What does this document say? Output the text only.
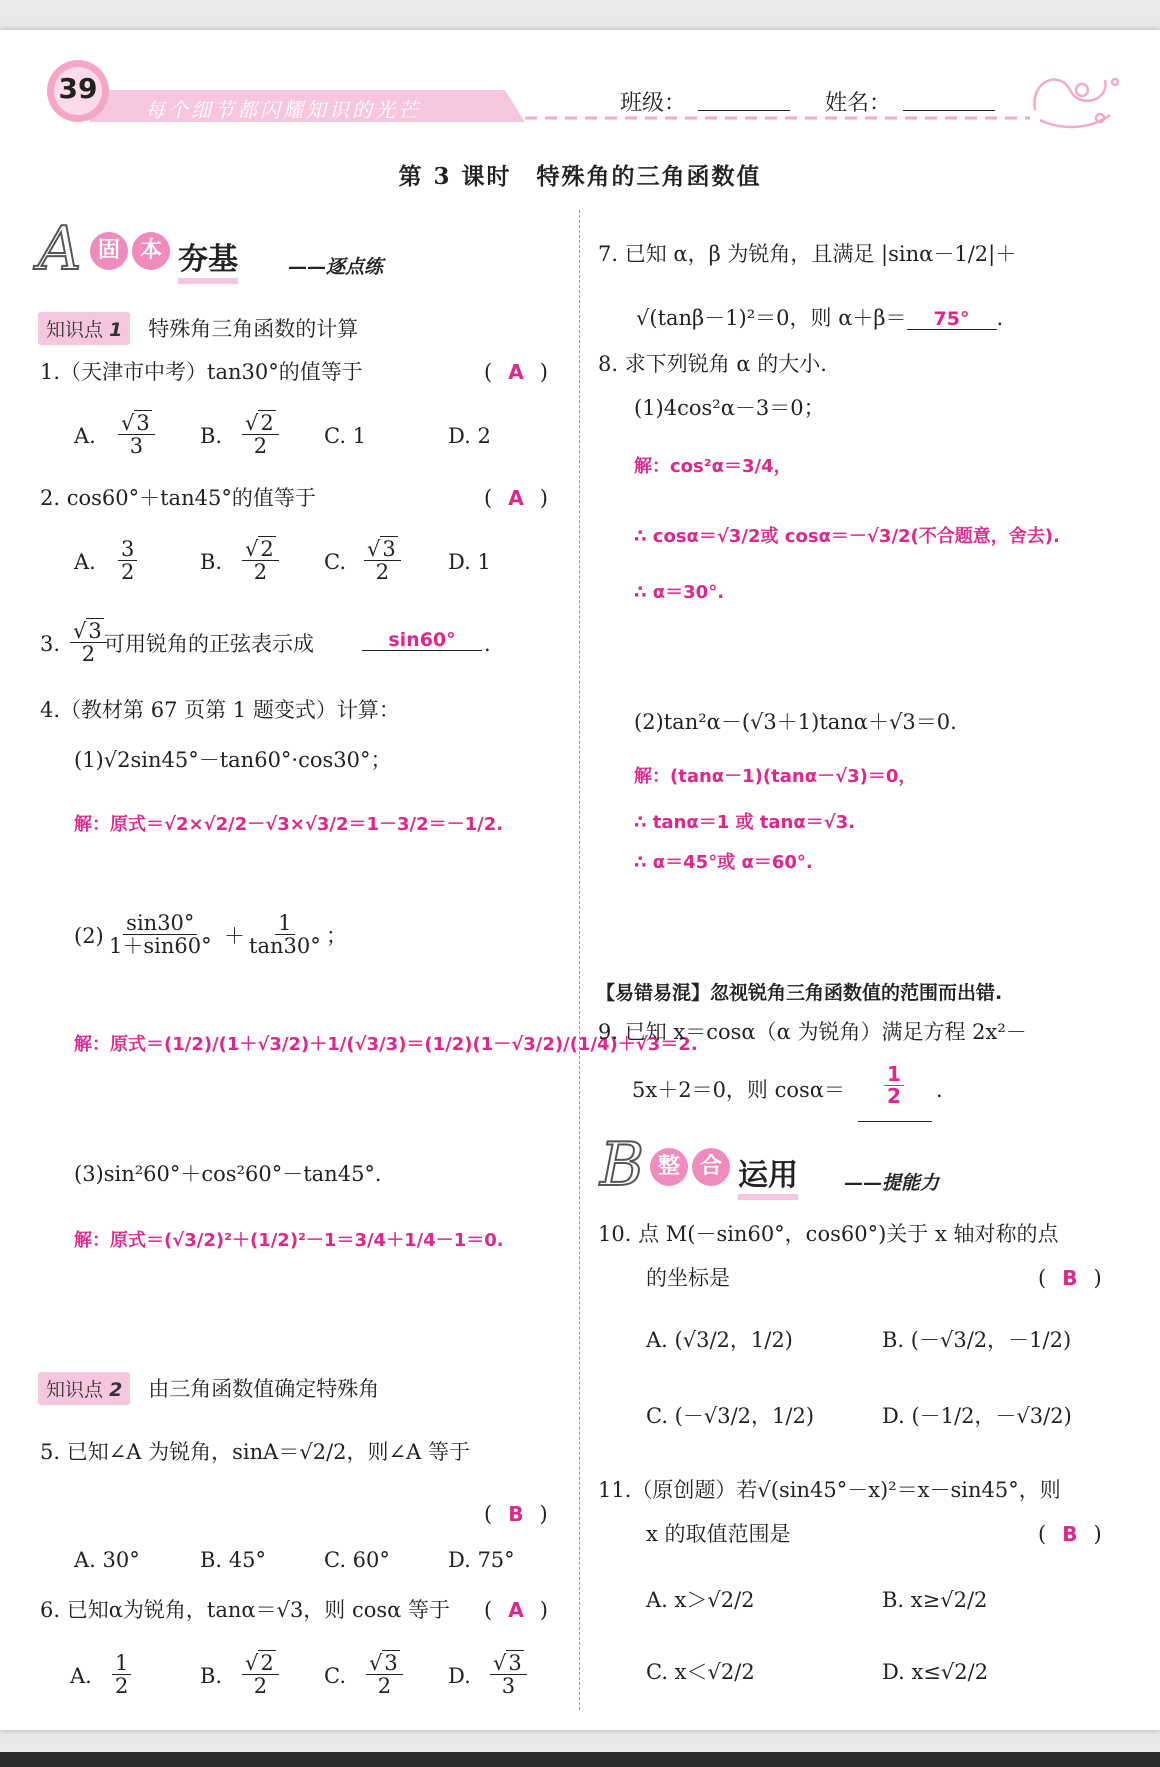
39
每个细节都闪耀知识的光芒	班级：	姓名：
第 3 课时　特殊角的三角函数值
A 固 本 夯基	——逐点练
知识点 1 特殊角三角函数的计算
1.（天津市中考）tan30°的值等于	( A )
A. √ $\frac{3}{3} B$. √ $\frac{2}{2} C$. 1	D. 2
2. cos60°＋tan45°的值等于	( A )
A. $\frac{3}{2}$	B. √ $\frac{2}{2} C$. √ $\frac{3}{2} D$. 1
3. √ $\frac{3}{2}$
可用锐角的正弦表示成	sin60°	.
4.（教材第 67 页第 1 题变式）计算：
(1)√2sin45°－tan60°·cos30°；
解：原式＝√2×√2/2－√3×√3/2＝1－3/2＝－1/2.
$(2) \frac{\sin 30^\circ}{1+\sin 60^\circ} + \frac{1}{\tan 30^\circ}$ ；
解：原式＝(1/2)/(1＋√3/2)＋1/(√3/3)＝(1/2)(1－√3/2)/(1/4)＋√3＝2.
(3)sin²60°＋cos²60°－tan45°.
解：原式＝(√3/2)²＋(1/2)²－1＝3/4＋1/4－1＝0.
知识点 2 由三角函数值确定特殊角
5. 已知∠A 为锐角，sinA＝√2/2，则∠A 等于
( B )
A. 30°	B. 45°	C. 60°	D. 75°
6. 已知α为锐角，tanα＝√3，则 cosα 等于 ( A )
A. $\frac{1}{2}$	B. √ $\frac{2}{2} C$. √ $\frac{3}{2} D$. √ $\frac{3}{3}$
7. 已知 α，β 为锐角，且满足 |sinα－1/2|＋
√(tanβ－1)²＝0，则 α＋β＝ 75° .
8. 求下列锐角 α 的大小.
(1)4cos²α－3＝0；
解：cos²α＝3/4，
∴ cosα＝√3/2或 cosα＝－√3/2(不合题意，舍去).
∴ α＝30°.
(2)tan²α－(√3＋1)tanα＋√3＝0.
解：(tanα－1)(tanα－√3)＝0，
∴ tanα＝1 或 tanα＝√3.
∴ α＝45°或 α＝60°.
【易错易混】忽视锐角三角函数值的范围而出错.
9. 已知 x＝cosα（α 为锐角）满足方程 2x²－
5x＋2＝0，则 $\cos\alpha= \frac{1}{2}$ .
B 整 合 运用 ——提能力
10. 点 M(－sin60°，cos60°)关于 x 轴对称的点
的坐标是	( B )
A. (√3/2，1/2)	B. (－√3/2，－1/2)
C. (－√3/2，1/2)	D. (－1/2，－√3/2)
11.（原创题）若√(sin45°－x)²＝x－sin45°，则
x 的取值范围是	( B )
A. x＞√2/2	B. x≥√2/2
C. x＜√2/2	D. x≤√2/2
